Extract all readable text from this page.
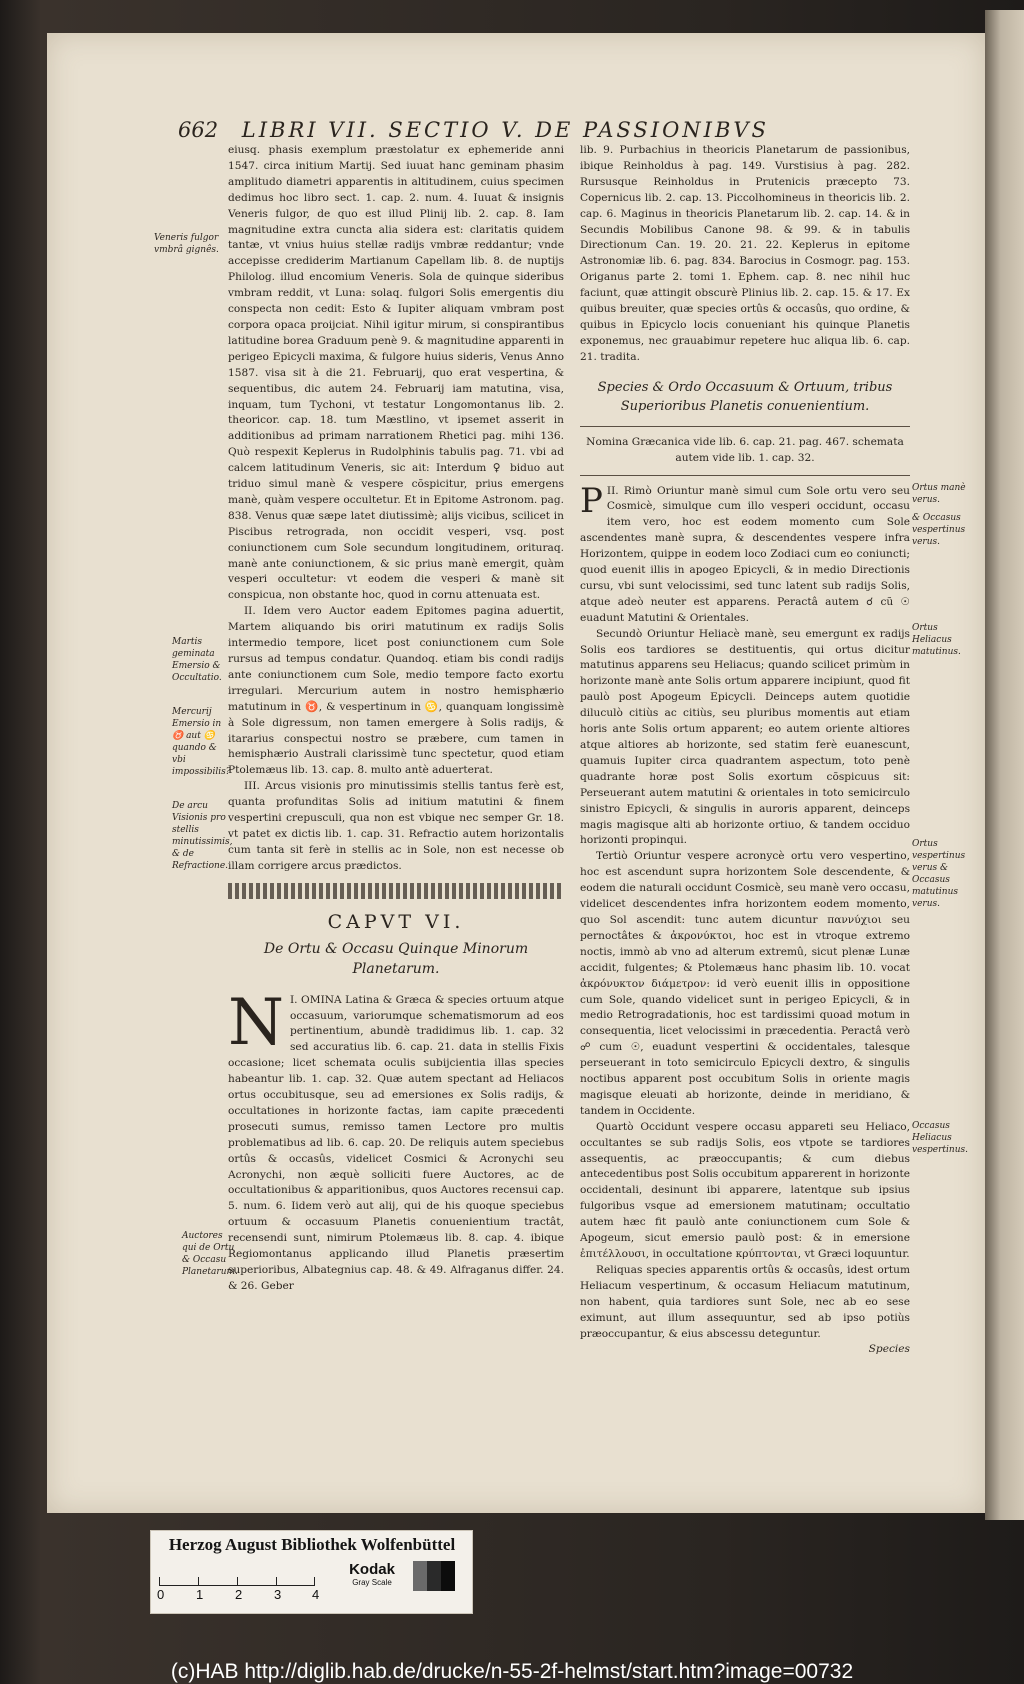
662 LIBRI VII. SECTIO V. DE PASSIONIBVS
Veneris fulgor vmbrâ gignês.
Martis geminata Emersio & Occultatio.
Mercurij Emersio in ♉ aut ♋ quando & vbi impossibilis?
De arcu Visionis pro stellis minutissimis, & de Refractione.
Auctores qui de Ortu & Occasu Planetarum.
Ortus manè verus.
& Occasus vespertinus verus.
Ortus Heliacus matutinus.
Ortus vespertinus verus & Occasus matutinus verus.
Occasus Heliacus vespertinus.

eiusq. phasis exemplum præstolatur ex ephemeride anni 1547. circa initium Martij. Sed iuuat hanc geminam phasim amplitudo diametri apparentis in altitudinem, cuius specimen dedimus hoc libro sect. 1. cap. 2. num. 4. Iuuat & insignis Veneris fulgor, de quo est illud Plinij lib. 2. cap. 8. Iam magnitudine extra cuncta alia sidera est: claritatis quidem tantæ, vt vnius huius stellæ radijs vmbræ reddantur; vnde accepisse crediderim Martianum Capellam lib. 8. de nuptijs Philolog. illud encomium Veneris. Sola de quinque sideribus vmbram reddit, vt Luna: solaq. fulgori Solis emergentis diu conspecta non cedit: Esto & Iupiter aliquam vmbram post corpora opaca proijciat. Nihil igitur mirum, si conspirantibus latitudine borea Graduum penè 9. & magnitudine apparenti in perigeo Epicycli maxima, & fulgore huius sideris, Venus Anno 1587. visa sit à die 21. Februarij, quo erat vespertina, & sequentibus, dic autem 24. Februarij iam matutina, visa, inquam, tum Tychoni, vt testatur Longomontanus lib. 2. theoricor. cap. 18. tum Mæstlino, vt ipsemet asserit in additionibus ad primam narrationem Rhetici pag. mihi 136. Quò respexit Keplerus in Rudolphinis tabulis pag. 71. vbi ad calcem latitudinum Veneris, sic ait: Interdum ♀ biduo aut triduo simul manè & vespere cõspicitur, prius emergens manè, quàm vespere occultetur. Et in Epitome Astronom. pag. 838. Venus quæ sæpe latet diutissimè; alijs vicibus, scilicet in Piscibus retrograda, non occidit vesperi, vsq. post coniunctionem cum Sole secundum longitudinem, orituraq. manè ante coniunctionem, & sic prius manè emergit, quàm vesperi occultetur: vt eodem die vesperi & manè sit conspicua, non obstante hoc, quod in cornu attenuata est.

II. Idem vero Auctor eadem Epitomes pagina aduertit, Martem aliquando bis oriri matutinum ex radijs Solis intermedio tempore, licet post coniunctionem cum Sole rursus ad tempus condatur. Quandoq. etiam bis condi radijs ante coniunctionem cum Sole, medio tempore facto exortu irregulari. Mercurium autem in nostro hemisphærio matutinum in ♉, & vespertinum in ♋, quanquam longissimè à Sole digressum, non tamen emergere à Solis radijs, & itararius conspectui nostro se præbere, cum tamen in hemisphærio Australi clarissimè tunc spectetur, quod etiam Ptolemæus lib. 13. cap. 8. multo antè aduerterat.

III. Arcus visionis pro minutissimis stellis tantus ferè est, quanta profunditas Solis ad initium matutini & finem vespertini crepusculi, qua non est vbique nec semper Gr. 18. vt patet ex dictis lib. 1. cap. 31. Refractio autem horizontalis cum tanta sit ferè in stellis ac in Sole, non est necesse ob illam corrigere arcus prædictos.

CAPVT VI.
De Ortu & Occasu Quinque Minorum Planetarum.

I.
N OMINA Latina & Græca & species ortuum atque occasuum, variorumque schematismorum ad eos pertinentium, abundè tradidimus lib. 1. cap. 32 sed accuratius lib. 6. cap. 21. data in stellis Fixis occasione; licet schemata oculis subijcientia illas species habeantur lib. 1. cap. 32. Quæ autem spectant ad Heliacos ortus occubitusque, seu ad emersiones ex Solis radijs, & occultationes in horizonte factas, iam capite præcedenti prosecuti sumus, remisso tamen Lectore pro multis problematibus ad lib. 6. cap. 20. De reliquis autem speciebus ortûs & occasûs, videlicet Cosmici & Acronychi seu Acronychi, non æquè solliciti fuere Auctores, ac de occultationibus & apparitionibus, quos Auctores recensui cap. 5. num. 6. Iidem verò aut alij, qui de his quoque speciebus ortuum & occasuum Planetis conuenientium tractât, recensendi sunt, nimirum Ptolemæus lib. 8. cap. 4. ibique Regiomontanus applicando illud Planetis præsertim superioribus, Albategnius cap. 48. & 49. Alfraganus differ. 24. & 26. Geber

lib. 9. Purbachius in theoricis Planetarum de passionibus, ibique Reinholdus à pag. 149. Vurstisius à pag. 282. Rursusque Reinholdus in Prutenicis præcepto 73. Copernicus lib. 2. cap. 13. Piccolhomineus in theoricis lib. 2. cap. 6. Maginus in theoricis Planetarum lib. 2. cap. 14. & in Secundis Mobilibus Canone 98. & 99. & in tabulis Directionum Can. 19. 20. 21. 22. Keplerus in epitome Astronomiæ lib. 6. pag. 834. Barocius in Cosmogr. pag. 153. Origanus parte 2. tomi 1. Ephem. cap. 8. nec nihil huc faciunt, quæ attingit obscurè Plinius lib. 2. cap. 15. & 17. Ex quibus breuiter, quæ species ortûs & occasûs, quo ordine, & quibus in Epicyclo locis conueniant his quinque Planetis exponemus, nec grauabimur repetere huc aliqua lib. 6. cap. 21. tradita.

Species & Ordo Occasuum & Ortuum, tribus Superioribus Planetis conuenientium.
Nomina Græcanica vide lib. 6. cap. 21. pag. 467. schemata autem vide lib. 1. cap. 32.

II.
P Rimò Oriuntur manè simul cum Sole ortu vero seu Cosmicè, simulque cum illo vesperi occidunt, occasu item vero, hoc est eodem momento cum Sole ascendentes manè supra, & descendentes vespere infra Horizontem, quippe in eodem loco Zodiaci cum eo coniuncti; quod euenit illis in apogeo Epicycli, & in medio Directionis cursu, vbi sunt velocissimi, sed tunc latent sub radijs Solis, atque adeò neuter est apparens. Peractâ autem ☌ cũ ☉ euadunt Matutini & Orientales.

Secundò Oriuntur Heliacè manè, seu emergunt ex radijs Solis eos tardiores se destituentis, qui ortus dicitur matutinus apparens seu Heliacus; quando scilicet primùm in horizonte manè ante Solis ortum apparere incipiunt, quod fit paulò post Apogeum Epicycli. Deinceps autem quotidie diluculò citiùs ac citiùs, seu pluribus momentis aut etiam horis ante Solis ortum apparent; eo autem oriente altiores atque altiores ab horizonte, sed statim ferè euanescunt, quamuis Iupiter circa quadrantem aspectum, toto penè quadrante horæ post Solis exortum cõspicuus sit: Perseuerant autem matutini & orientales in toto semicirculo sinistro Epicycli, & singulis in auroris apparent, deinceps magis magisque alti ab horizonte ortiuo, & tandem occiduo horizonti propinqui.

Tertiò Oriuntur vespere acronycè ortu vero vespertino, hoc est ascendunt supra horizontem Sole descendente, & eodem die naturali occidunt Cosmicè, seu manè vero occasu, videlicet descendentes infra horizontem eodem momento, quo Sol ascendit: tunc autem dicuntur παννύχιοι seu pernoctâtes & ἀκρονύκτοι, hoc est in vtroque extremo noctis, immò ab vno ad alterum extremû, sicut plenæ Lunæ accidit, fulgentes; & Ptolemæus hanc phasim lib. 10. vocat ἀκρόνυκτον διάμετρον: id verò euenit illis in oppositione cum Sole, quando videlicet sunt in perigeo Epicycli, & in medio Retrogradationis, hoc est tardissimi quoad motum in consequentia, licet velocissimi in præcedentia. Peractâ verò ☍ cum ☉, euadunt vespertini & occidentales, talesque perseuerant in toto semicirculo Epicycli dextro, & singulis noctibus apparent post occubitum Solis in oriente magis magisque eleuati ab horizonte, deinde in meridiano, & tandem in Occidente.

Quartò Occidunt vespere occasu appareti seu Heliaco, occultantes se sub radijs Solis, eos vtpote se tardiores assequentis, ac præoccupantis; & cum diebus antecedentibus post Solis occubitum apparerent in horizonte occidentali, desinunt ibi apparere, latentque sub ipsius fulgoribus vsque ad emersionem matutinam; occultatio autem hæc fit paulò ante coniunctionem cum Sole & Apogeum, sicut emersio paulò post: & in emersione ἐπιτέλλουσι, in occultatione κρύπτονται, vt Græci loquuntur.

Reliquas species apparentis ortûs & occasûs, idest ortum Heliacum vespertinum, & occasum Heliacum matutinum, non habent, quia tardiores sunt Sole, nec ab eo sese eximunt, aut illum assequuntur, sed ab ipso potiùs præoccupantur, & eius abscessu deteguntur.

Species
Herzog August Bibliothek Wolfenbüttel
0 1 2 3 4
Kodak
Gray Scale
(c)HAB http://diglib.hab.de/drucke/n-55-2f-helmst/start.htm?image=00732
